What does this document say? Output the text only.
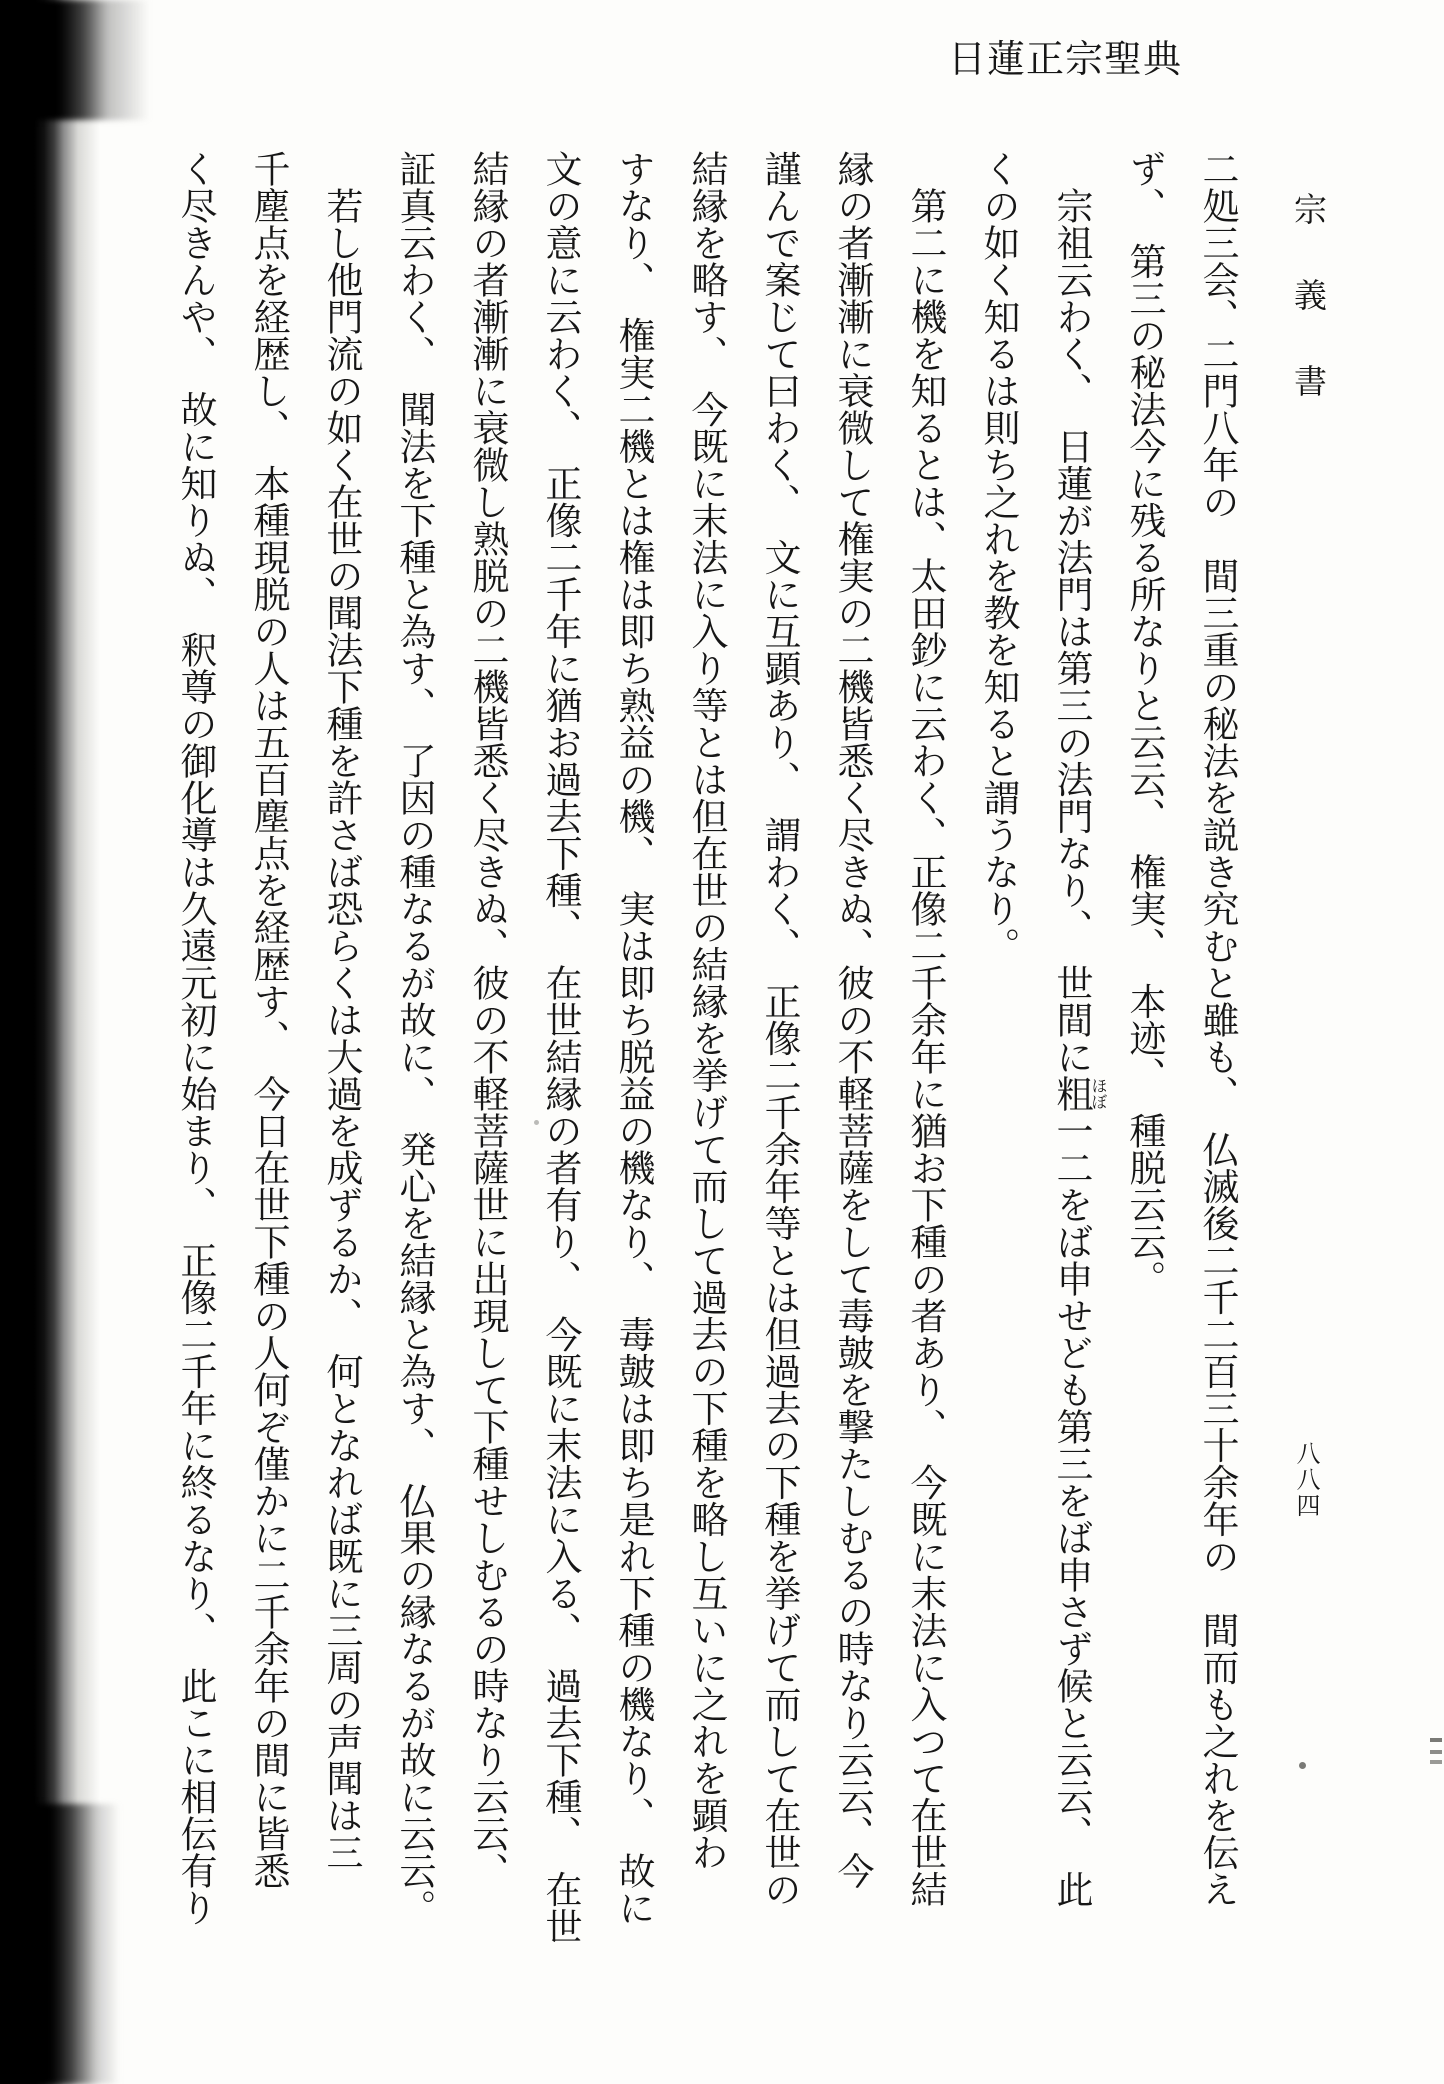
日蓮正宗聖典
宗　義　書
八八四
二処三会、二門八年の　間三重の秘法を説き究むと雖も、　仏滅後二千二百三十余年の　間而も之れを伝え
ず、　第三の秘法今に残る所なりと云云、　権実、　本迹、　種脱云云。
　宗祖云わく、　日蓮が法門は第三の法門なり、　世間に粗ほぼ一二をば申せども第三をば申さず候と云云、　此
くの如く知るは則ち之れを教を知ると謂うなり。
　第二に機を知るとは、太田鈔に云わく、正像二千余年に猶お下種の者あり、　今既に末法に入つて在世結
縁の者漸漸に衰微して権実の二機皆悉く尽きぬ、彼の不軽菩薩をして毒皷を撃たしむるの時なり云云、今
謹んで案じて曰わく、　文に互顕あり、　謂わく、　正像二千余年等とは但過去の下種を挙げて而して在世の
結縁を略す、　今既に末法に入り等とは但在世の結縁を挙げて而して過去の下種を略し互いに之れを顕わ
すなり、　権実二機とは権は即ち熟益の機、　実は即ち脱益の機なり、　毒皷は即ち是れ下種の機なり、　故に
文の意に云わく、　正像二千年に猶お過去下種、　在世結縁の者有り、　今既に末法に入る、　過去下種、　在世
結縁の者漸漸に衰微し熟脱の二機皆悉く尽きぬ、彼の不軽菩薩世に出現して下種せしむるの時なり云云、
証真云わく、　聞法を下種と為す、　了因の種なるが故に、　発心を結縁と為す、　仏果の縁なるが故に云云。
　若し他門流の如く在世の聞法下種を許さば恐らくは大過を成ずるか、　何となれば既に三周の声聞は三
千塵点を経歴し、　本種現脱の人は五百塵点を経歴す、　今日在世下種の人何ぞ僅かに二千余年の間に皆悉
く尽きんや、　故に知りぬ、　釈尊の御化導は久遠元初に始まり、　正像二千年に終るなり、　此こに相伝有り
